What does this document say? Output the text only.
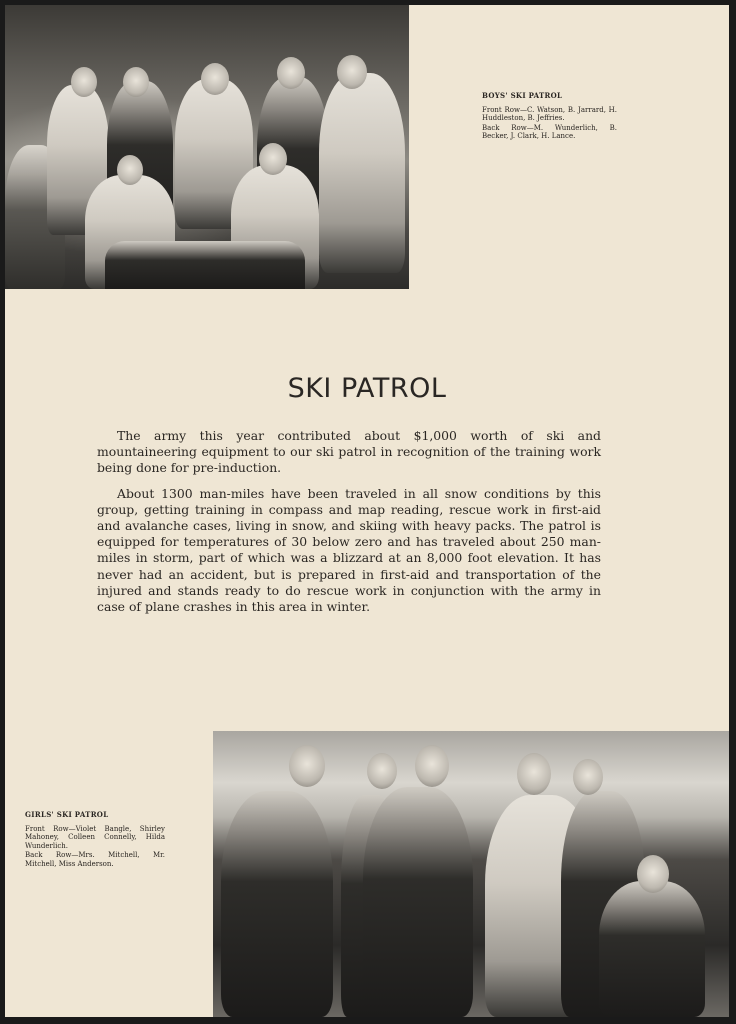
BOYS' SKI PATROL

Front Row—C. Watson, B. Jarrard, H. Huddleston, B. Jeffries.

Back Row—M. Wunderlich, B. Becker, J. Clark, H. Lance.

SKI PATROL

The army this year contributed about $1,000 worth of ski and mountaineering equipment to our ski patrol in recognition of the training work being done for pre-induction.

About 1300 man-miles have been traveled in all snow conditions by this group, getting training in compass and map reading, rescue work in first-aid and avalanche cases, living in snow, and skiing with heavy packs. The patrol is equipped for temperatures of 30 below zero and has traveled about 250 man-miles in storm, part of which was a blizzard at an 8,000 foot elevation. It has never had an accident, but is prepared in first-aid and transportation of the injured and stands ready to do rescue work in conjunction with the army in case of plane crashes in this area in winter.

GIRLS' SKI PATROL

Front Row—Violet Bangle, Shirley Mahoney, Colleen Connelly, Hilda Wunderlich.

Back Row—Mrs. Mitchell, Mr. Mitchell, Miss Anderson.
